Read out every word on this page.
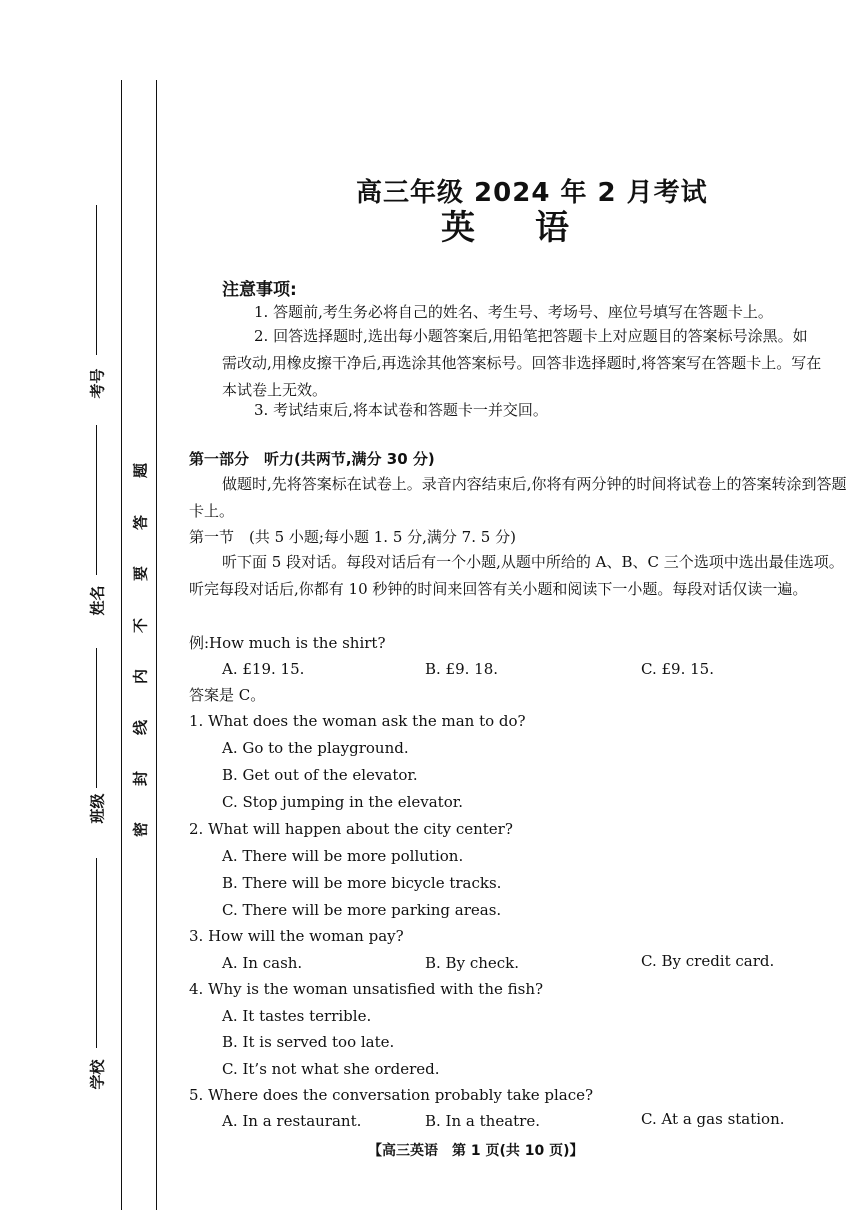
考号
姓名
班级
学校
题
答
要
不
内
线
封
密
高三年级 2024 年 2 月考试
英语
注意事项:
1. 答题前,考生务必将自己的姓名、考生号、考场号、座位号填写在答题卡上。
2. 回答选择题时,选出每小题答案后,用铅笔把答题卡上对应题目的答案标号涂黑。如需改动,用橡皮擦干净后,再选涂其他答案标号。回答非选择题时,将答案写在答题卡上。写在本试卷上无效。
3. 考试结束后,将本试卷和答题卡一并交回。
第一部分　听力(共两节,满分 30 分)
做题时,先将答案标在试卷上。录音内容结束后,你将有两分钟的时间将试卷上的答案转涂到答题卡上。
第一节　(共 5 小题;每小题 1. 5 分,满分 7. 5 分)
听下面 5 段对话。每段对话后有一个小题,从题中所给的 A、B、C 三个选项中选出最佳选项。听完每段对话后,你都有 10 秒钟的时间来回答有关小题和阅读下一小题。每段对话仅读一遍。
例:How much is the shirt?
A. £19. 15.	B. £9. 18.	C. £9. 15.
答案是 C。
1. What does the woman ask the man to do?
A. Go to the playground.
B. Get out of the elevator.
C. Stop jumping in the elevator.
2. What will happen about the city center?
A. There will be more pollution.
B. There will be more bicycle tracks.
C. There will be more parking areas.
3. How will the woman pay?
A. In cash.	B. By check.	C. By credit card.
4. Why is the woman unsatisfied with the fish?
A. It tastes terrible.
B. It is served too late.
C. It’s not what she ordered.
5. Where does the conversation probably take place?
A. In a restaurant.	B. In a theatre.	C. At a gas station.
【高三英语　第 1 页(共 10 页)】
